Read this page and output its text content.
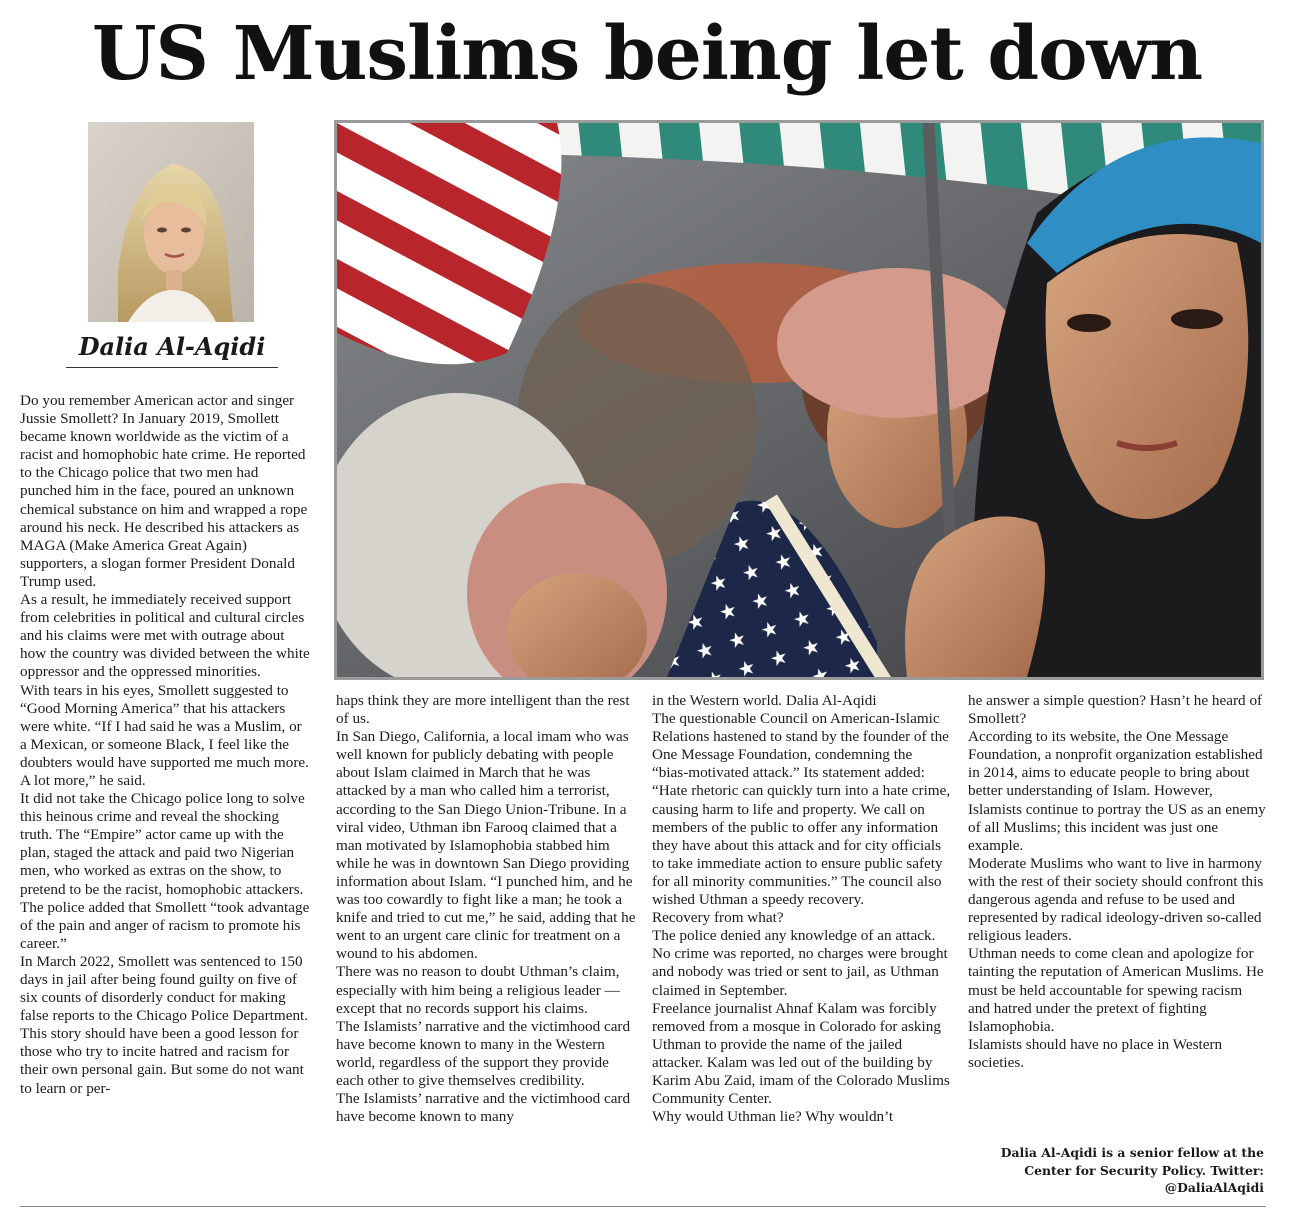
US Muslims being let down
Dalia Al-Aqidi

Do you remember American actor and singer Jussie Smollett? In January 2019, Smollett became known worldwide as the victim of a racist and homophobic hate crime. He reported to the Chicago police that two men had punched him in the face, poured an unknown chemical substance on him and wrapped a rope around his neck. He described his attackers as MAGA (Make America Great Again) supporters, a slogan former President Donald Trump used.

As a result, he immediately received support from celebrities in political and cultural circles and his claims were met with outrage about how the country was divided between the white oppressor and the oppressed minorities.

With tears in his eyes, Smollett suggested to “Good Morning America” that his attackers were white. “If I had said he was a Muslim, or a Mexican, or someone Black, I feel like the doubters would have supported me much more. A lot more,” he said.

It did not take the Chicago police long to solve this heinous crime and reveal the shocking truth. The “Empire” actor came up with the plan, staged the attack and paid two Nigerian men, who worked as extras on the show, to pretend to be the racist, homophobic attackers. The police added that Smollett “took advantage of the pain and anger of racism to promote his career.”

In March 2022, Smollett was sentenced to 150 days in jail after being found guilty on five of six counts of disorderly conduct for making false reports to the Chicago Police Department.

This story should have been a good lesson for those who try to incite hatred and racism for their own personal gain. But some do not want to learn or per-

haps think they are more intelligent than the rest of us.

In San Diego, California, a local imam who was well known for publicly debating with people about Islam claimed in March that he was attacked by a man who called him a terrorist, according to the San Diego Union-Tribune. In a viral video, Uthman ibn Farooq claimed that a man motivated by Islamophobia stabbed him while he was in downtown San Diego providing information about Islam. “I punched him, and he was too cowardly to fight like a man; he took a knife and tried to cut me,” he said, adding that he went to an urgent care clinic for treatment on a wound to his abdomen.

There was no reason to doubt Uthman’s claim, especially with him being a religious leader — except that no records support his claims.

The Islamists’ narrative and the victimhood card have become known to many in the Western world, regardless of the support they provide each other to give themselves credibility.

The Islamists’ narrative and the victimhood card have become known to many

in the Western world. Dalia Al-Aqidi

The questionable Council on American-Islamic Relations hastened to stand by the founder of the One Message Foundation, condemning the “bias-motivated attack.” Its statement added: “Hate rhetoric can quickly turn into a hate crime, causing harm to life and property. We call on members of the public to offer any information they have about this attack and for city officials to take immediate action to ensure public safety for all minority communities.” The council also wished Uthman a speedy recovery.

Recovery from what?

The police denied any knowledge of an attack. No crime was reported, no charges were brought and nobody was tried or sent to jail, as Uthman claimed in September.

Freelance journalist Ahnaf Kalam was forcibly removed from a mosque in Colorado for asking Uthman to provide the name of the jailed attacker. Kalam was led out of the building by Karim Abu Zaid, imam of the Colorado Muslims Community Center.

Why would Uthman lie? Why wouldn’t

he answer a simple question? Hasn’t he heard of Smollett?

According to its website, the One Message Foundation, a nonprofit organization established in 2014, aims to educate people to bring about better understanding of Islam. However, Islamists continue to portray the US as an enemy of all Muslims; this incident was just one example.

Moderate Muslims who want to live in harmony with the rest of their society should confront this dangerous agenda and refuse to be used and represented by radical ideology-driven so-called religious leaders.

Uthman needs to come clean and apologize for tainting the reputation of American Muslims. He must be held accountable for spewing racism and hatred under the pretext of fighting Islamophobia.

Islamists should have no place in Western societies.

Dalia Al-Aqidi is a senior fellow at the
Center for Security Policy. Twitter:
@DaliaAlAqidi
